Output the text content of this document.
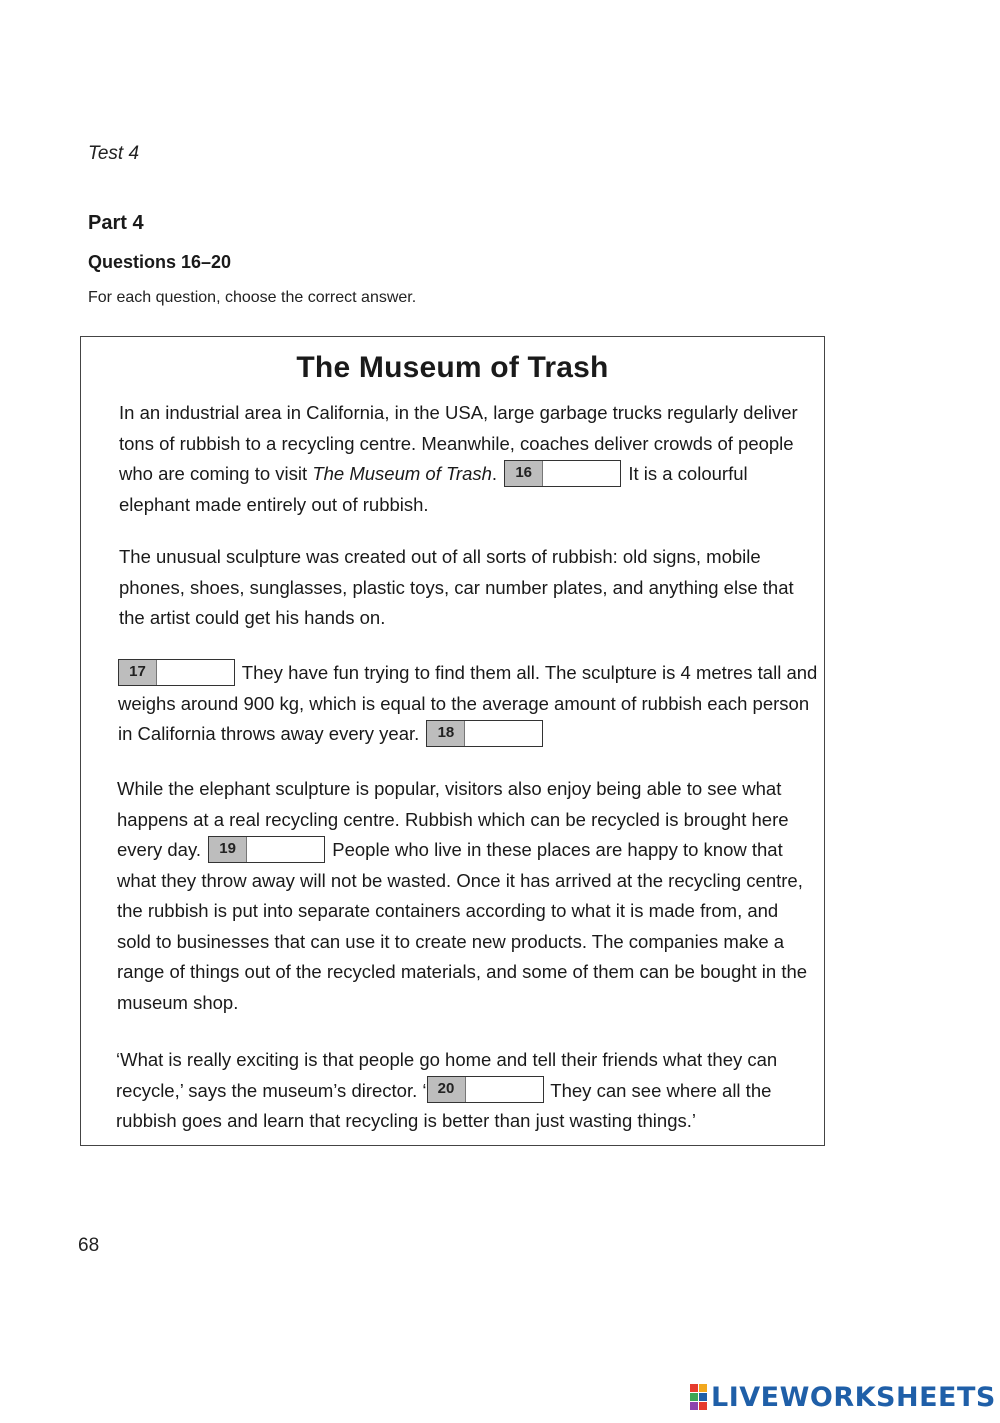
Test 4
Part 4
Questions 16–20
For each question, choose the correct answer.
The Museum of Trash

In an industrial area in California, in the USA, large garbage trucks regularly deliver tons of rubbish to a recycling centre. Meanwhile, coaches deliver crowds of people who are coming to visit The Museum of Trash. 16	It is a colourful elephant made entirely out of rubbish.

The unusual sculpture was created out of all sorts of rubbish: old signs, mobile phones, shoes, sunglasses, plastic toys, car number plates, and anything else that the artist could get his hands on.

17	They have fun trying to find them all. The sculpture is 4 metres tall and weighs around 900 kg, which is equal to the average amount of rubbish each person in California throws away every year. 18

While the elephant sculpture is popular, visitors also enjoy being able to see what happens at a real recycling centre. Rubbish which can be recycled is brought here every day. 19	People who live in these places are happy to know that what they throw away will not be wasted. Once it has arrived at the recycling centre, the rubbish is put into separate containers according to what it is made from, and sold to businesses that can use it to create new products. The companies make a range of things out of the recycled materials, and some of them can be bought in the museum shop.

‘What is really exciting is that people go home and tell their friends what they can recycle,’ says the museum’s director. ‘ 20	They can see where all the rubbish goes and learn that recycling is better than just wasting things.’

68
LIVEWORKSHEETS
